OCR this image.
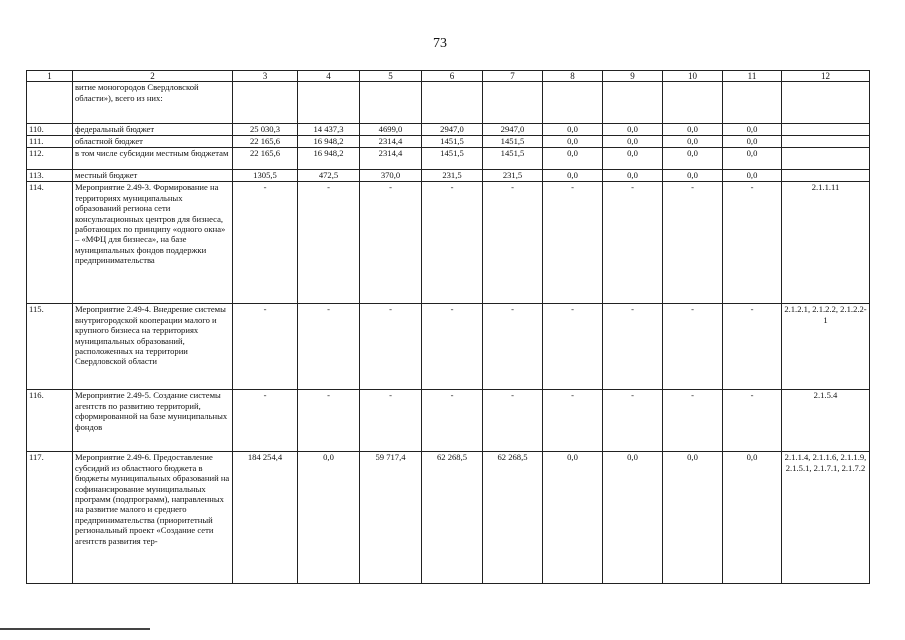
73
1	2	3	4	5	6	7	8	9	10	11	12
	витие моногородов Свердловской области»), всего из них:										
110.	федеральный бюджет	25 030,3	14 437,3	4699,0	2947,0	2947,0	0,0	0,0	0,0	0,0	
111.	областной бюджет	22 165,6	16 948,2	2314,4	1451,5	1451,5	0,0	0,0	0,0	0,0	
112.	в том числе субсидии местным бюджетам	22 165,6	16 948,2	2314,4	1451,5	1451,5	0,0	0,0	0,0	0,0	
113.	местный бюджет	1305,5	472,5	370,0	231,5	231,5	0,0	0,0	0,0	0,0	
114.	Мероприятие 2.49-3. Формирование на территориях муниципальных образований региона сети консультационных центров для бизнеса, работающих по принципу «одного окна» – «МФЦ для бизнеса», на базе муниципальных фондов поддержки предпринимательства	-	-	-	-	-	-	-	-	-	2.1.1.11
115.	Мероприятие 2.49-4. Внедрение системы внутригородской кооперации малого и крупного бизнеса на территориях муниципальных образований, расположенных на территории Свердловской области	-	-	-	-	-	-	-	-	-	2.1.2.1, 2.1.2.2, 2.1.2.2-1
116.	Мероприятие 2.49-5. Создание системы агентств по развитию территорий, сформированной на базе муниципальных фондов	-	-	-	-	-	-	-	-	-	2.1.5.4
117.	Мероприятие 2.49-6. Предоставление субсидий из областного бюджета в бюджеты муниципальных образований на софинансирование муниципальных программ (подпрограмм), направленных на развитие малого и среднего предпринимательства (приоритетный региональный проект «Создание сети агентств развития тер-	184 254,4	0,0	59 717,4	62 268,5	62 268,5	0,0	0,0	0,0	0,0	2.1.1.4, 2.1.1.6, 2.1.1.9, 2.1.5.1, 2.1.7.1, 2.1.7.2
